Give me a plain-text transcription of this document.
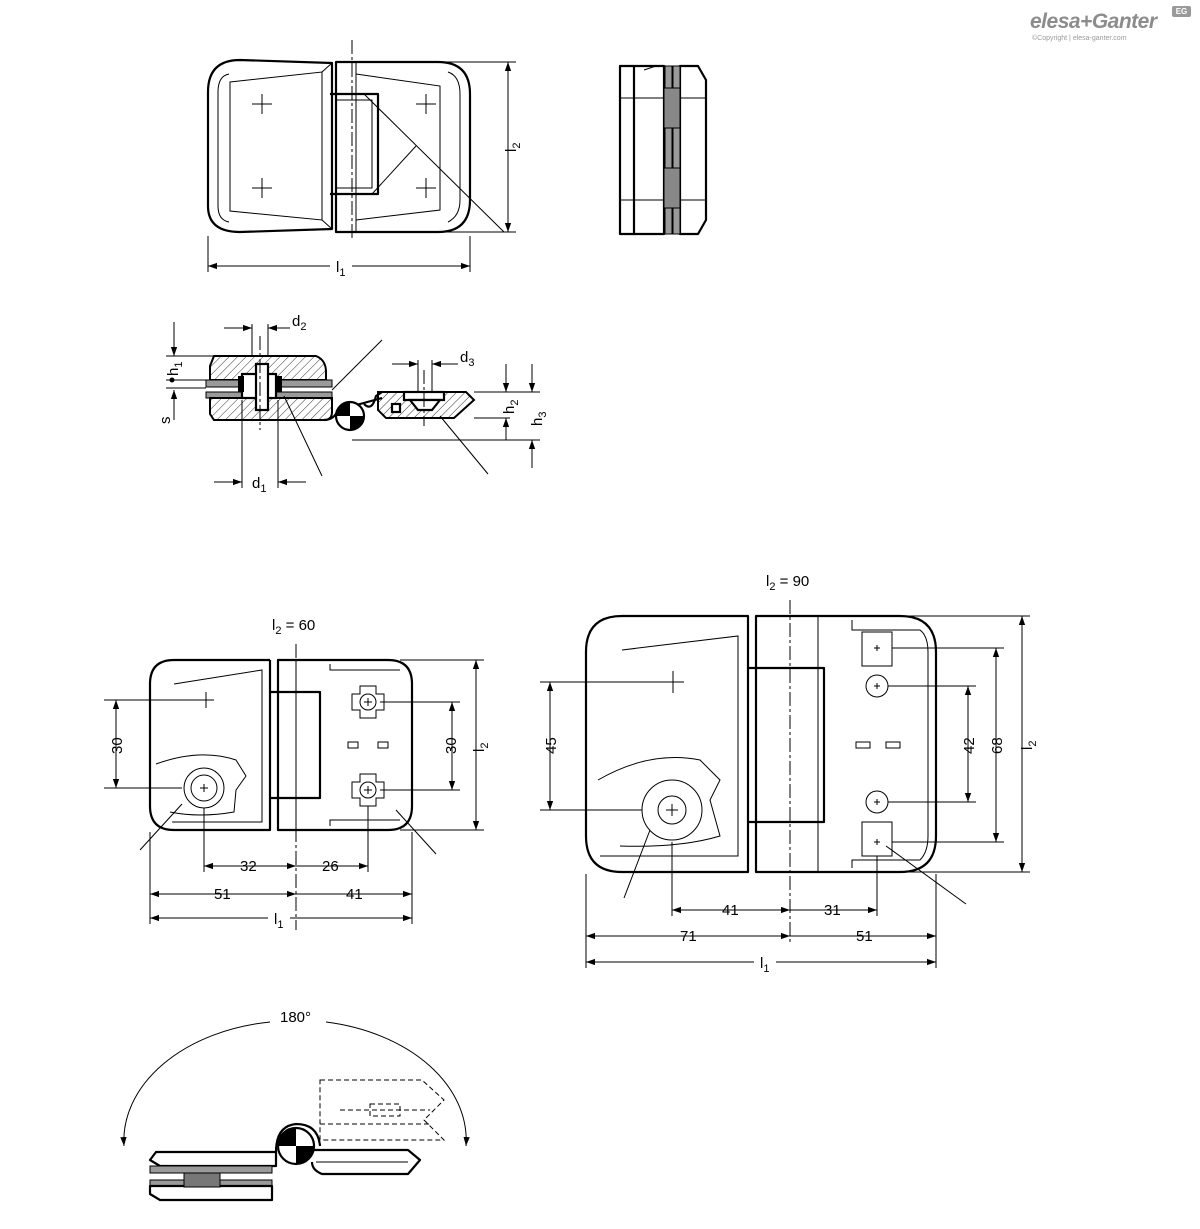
elesa+Ganter
©Copyright | elesa-ganter.com
EG
$l_1$
$l_2$
$d_2$
$d_1$
$d_3$
$h_1$
s
$h_2$
$h_3$
$l_2 = 60$
30	30 $l_2$
32	26
51	41
$l_1$
$l_2 = 90$
45	42 68 $l_2$
41	31
71	51
$l_1$
180°
